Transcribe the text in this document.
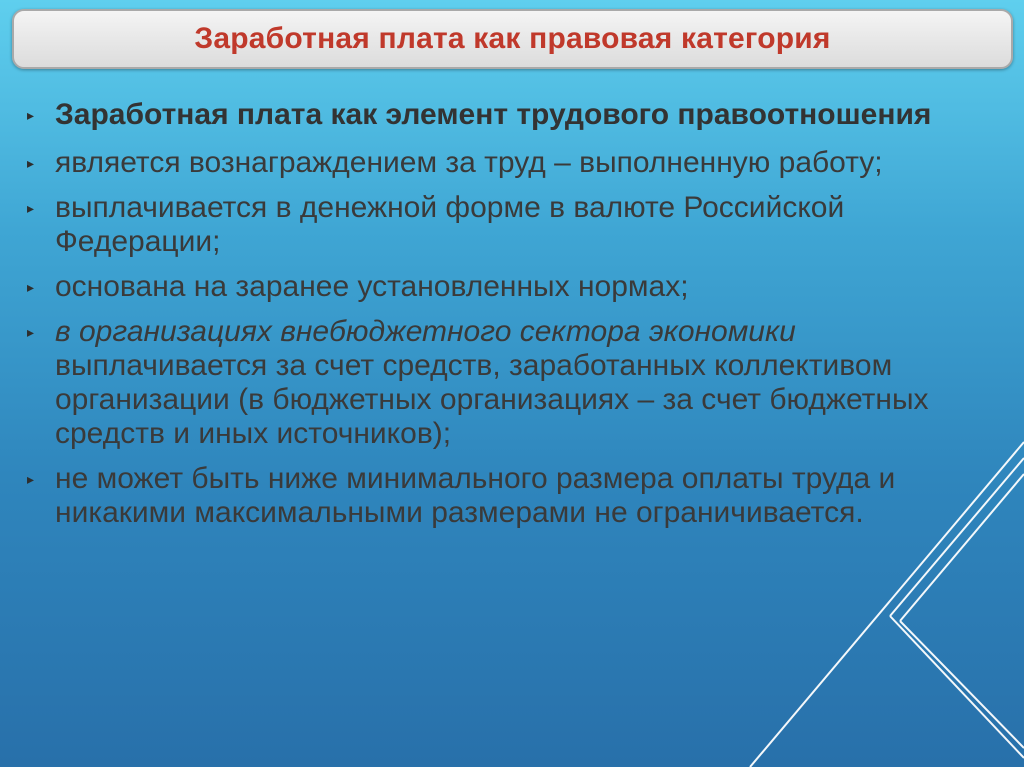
Заработная плата как правовая категория
▸ Заработная плата как элемент трудового правоотношения
▸ является вознаграждением за труд – выполненную работу;
▸ выплачивается в денежной форме в валюте Российской Федерации;
▸ основана на заранее установленных нормах;
▸ в организациях внебюджетного сектора экономики выплачивается за счет средств, заработанных коллективом организации (в бюджетных организациях – за счет бюджетных средств и иных источников);
▸ не может быть ниже минимального размера оплаты труда и никакими максимальными размерами не ограничивается.
